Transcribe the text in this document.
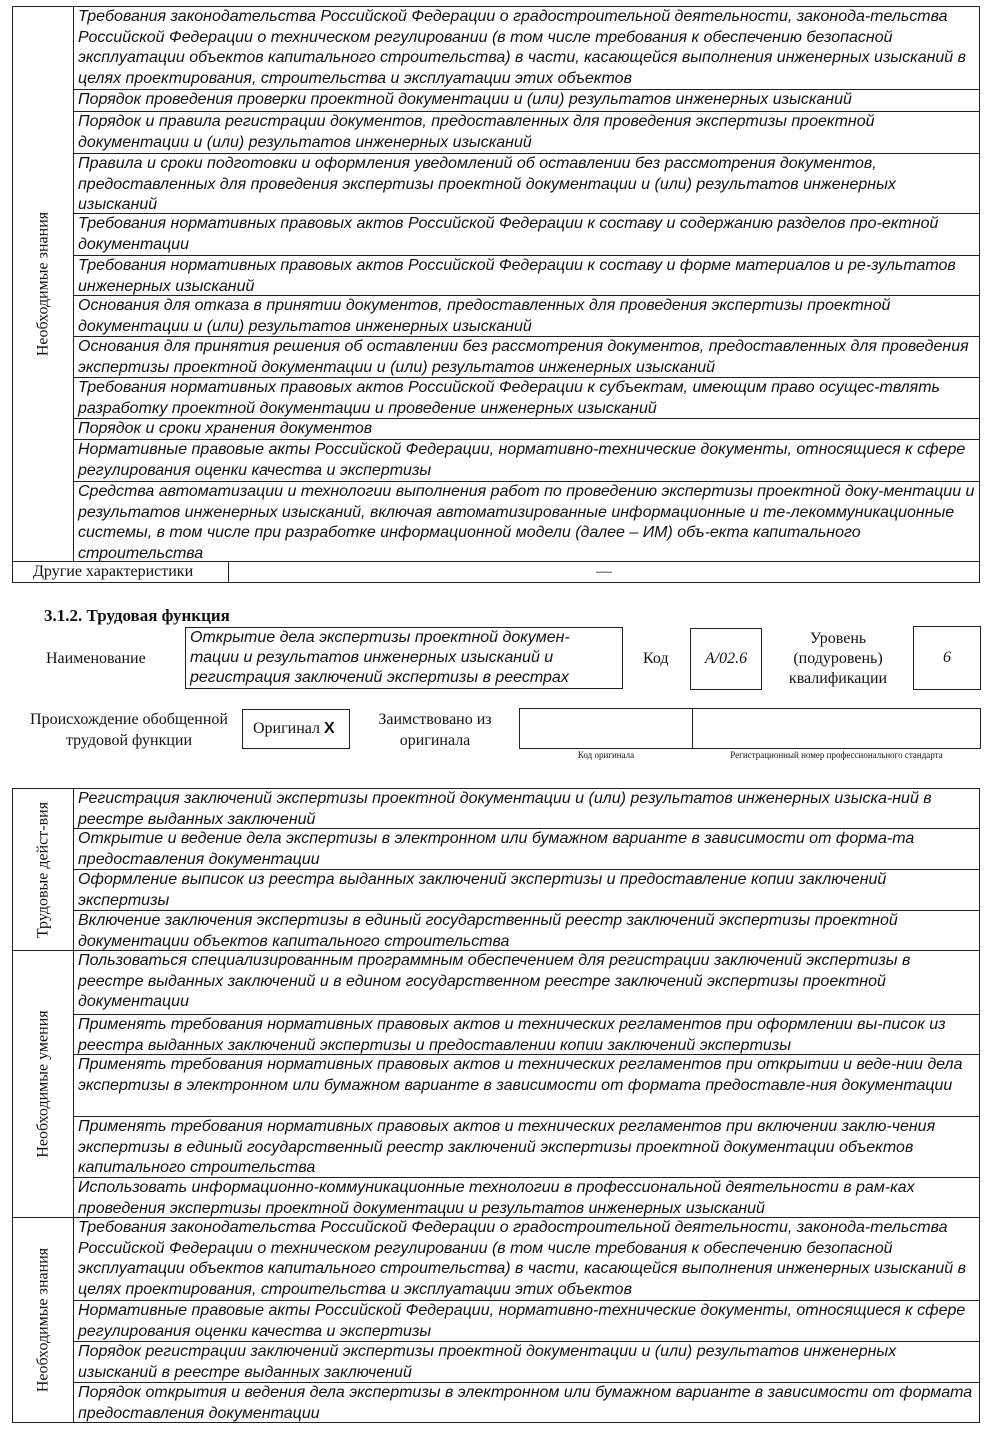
Необходимые знания
Требования законодательства Российской Федерации о градостроительной деятельности, законода-тельства Российской Федерации о техническом регулировании (в том числе требования к обеспечению безопасной эксплуатации объектов капитального строительства) в части, касающейся выполнения инженерных изысканий в целях проектирования, строительства и эксплуатации этих объектов
Порядок проведения проверки проектной документации и (или) результатов инженерных изысканий
Порядок и правила регистрации документов, предоставленных для проведения экспертизы проектной документации и (или) результатов инженерных изысканий
Правила и сроки подготовки и оформления уведомлений об оставлении без рассмотрения документов, предоставленных для проведения экспертизы проектной документации и (или) результатов инженерных изысканий
Требования нормативных правовых актов Российской Федерации к составу и содержанию разделов про-ектной документации
Требования нормативных правовых актов Российской Федерации к составу и форме материалов и ре-зультатов инженерных изысканий
Основания для отказа в принятии документов, предоставленных для проведения экспертизы проектной документации и (или) результатов инженерных изысканий
Основания для принятия решения об оставлении без рассмотрения документов, предоставленных для проведения экспертизы проектной документации и (или) результатов инженерных изысканий
Требования нормативных правовых актов Российской Федерации к субъектам, имеющим право осущес-твлять разработку проектной документации и проведение инженерных изысканий
Порядок и сроки хранения документов
Нормативные правовые акты Российской Федерации, нормативно-технические документы, относящиеся к сфере регулирования оценки качества и экспертизы
Средства автоматизации и технологии выполнения работ по проведению экспертизы проектной доку-ментации и результатов инженерных изысканий, включая автоматизированные информационные и те-лекоммуникационные системы, в том числе при разработке информационной модели (далее – ИМ) объ-екта капитального строительства
Другие характеристики	—
3.1.2. Трудовая функция
Наименование
Открытие дела экспертизы проектной докумен-тации и результатов инженерных изысканий и регистрация заключений экспертизы в реестрах
Код	A/02.6
Уровень (подуровень) квалификации
6
Происхождение обобщенной трудовой функции
Оригинал X
Заимствовано из оригинала
Код оригинала	Регистрационный номер профессионального стандарта
Трудовые дейст-вия
Регистрация заключений экспертизы проектной документации и (или) результатов инженерных изыска-ний в реестре выданных заключений
Открытие и ведение дела экспертизы в электронном или бумажном варианте в зависимости от форма-та предоставления документации
Оформление выписок из реестра выданных заключений экспертизы и предоставление копии заключений экспертизы
Включение заключения экспертизы в единый государственный реестр заключений экспертизы проектной документации объектов капитального строительства
Необходимые умения
Пользоваться специализированным программным обеспечением для регистрации заключений экспертизы в реестре выданных заключений и в едином государственном реестре заключений экспертизы проектной документации
Применять требования нормативных правовых актов и технических регламентов при оформлении вы-писок из реестра выданных заключений экспертизы и предоставлении копии заключений экспертизы
Применять требования нормативных правовых актов и технических регламентов при открытии и веде-нии дела экспертизы в электронном или бумажном варианте в зависимости от формата предоставле-ния документации
Применять требования нормативных правовых актов и технических регламентов при включении заклю-чения экспертизы в единый государственный реестр заключений экспертизы проектной документации объектов капитального строительства
Использовать информационно-коммуникационные технологии в профессиональной деятельности в рам-ках проведения экспертизы проектной документации и результатов инженерных изысканий
Необходимые знания
Требования законодательства Российской Федерации о градостроительной деятельности, законода-тельства Российской Федерации о техническом регулировании (в том числе требования к обеспечению безопасной эксплуатации объектов капитального строительства) в части, касающейся выполнения инженерных изысканий в целях проектирования, строительства и эксплуатации этих объектов
Нормативные правовые акты Российской Федерации, нормативно-технические документы, относящиеся к сфере регулирования оценки качества и экспертизы
Порядок регистрации заключений экспертизы проектной документации и (или) результатов инженерных изысканий в реестре выданных заключений
Порядок открытия и ведения дела экспертизы в электронном или бумажном варианте в зависимости от формата предоставления документации
